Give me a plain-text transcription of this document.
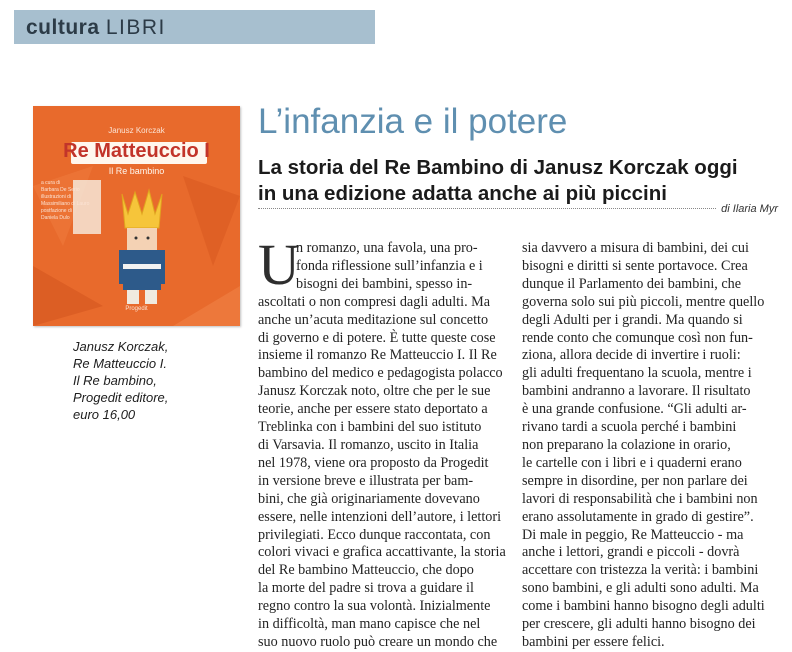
cultura LIBRI
L’infanzia e il potere
La storia del Re Bambino di Janusz Korczak oggi
in una edizione adatta anche ai più piccini
di Ilaria Myr
Janusz Korczak
Re Matteuccio I
Il Re bambino
a cura di
Barbara De Serio
illustrazioni di
Massimiliano di Lauro
postfazione di
Daniela Dulo
Progedit
Janusz Korczak,
Re Matteuccio I.
Il Re bambino,
Progedit editore,
euro 16,00
U
n romanzo, una favola, una pro-
fonda riflessione sull’infanzia e i
bisogni dei bambini, spesso in-
ascoltati o non compresi dagli adulti. Ma
anche un’acuta meditazione sul concetto
di governo e di potere. È tutte queste cose
insieme il romanzo Re Matteuccio I. Il Re
bambino del medico e pedagogista polacco
Janusz Korczak noto, oltre che per le sue
teorie, anche per essere stato deportato a
Treblinka con i bambini del suo istituto
di Varsavia. Il romanzo, uscito in Italia
nel 1978, viene ora proposto da Progedit
in versione breve e illustrata per bam-
bini, che già originariamente dovevano
essere, nelle intenzioni dell’autore, i lettori
privilegiati. Ecco dunque raccontata, con
colori vivaci e grafica accattivante, la storia
del Re bambino Matteuccio, che dopo
la morte del padre si trova a guidare il
regno contro la sua volontà. Inizialmente
in difficoltà, man mano capisce che nel
suo nuovo ruolo può creare un mondo che
sia davvero a misura di bambini, dei cui
bisogni e diritti si sente portavoce. Crea
dunque il Parlamento dei bambini, che
governa solo sui più piccoli, mentre quello
degli Adulti per i grandi. Ma quando si
rende conto che comunque così non fun-
ziona, allora decide di invertire i ruoli:
gli adulti frequentano la scuola, mentre i
bambini andranno a lavorare. Il risultato
è una grande confusione. “Gli adulti ar-
rivano tardi a scuola perché i bambini
non preparano la colazione in orario,
le cartelle con i libri e i quaderni erano
sempre in disordine, per non parlare dei
lavori di responsabilità che i bambini non
erano assolutamente in grado di gestire”.
Di male in peggio, Re Matteuccio - ma
anche i lettori, grandi e piccoli - dovrà
accettare con tristezza la verità: i bambini
sono bambini, e gli adulti sono adulti. Ma
come i bambini hanno bisogno degli adulti
per crescere, gli adulti hanno bisogno dei
bambini per essere felici.
